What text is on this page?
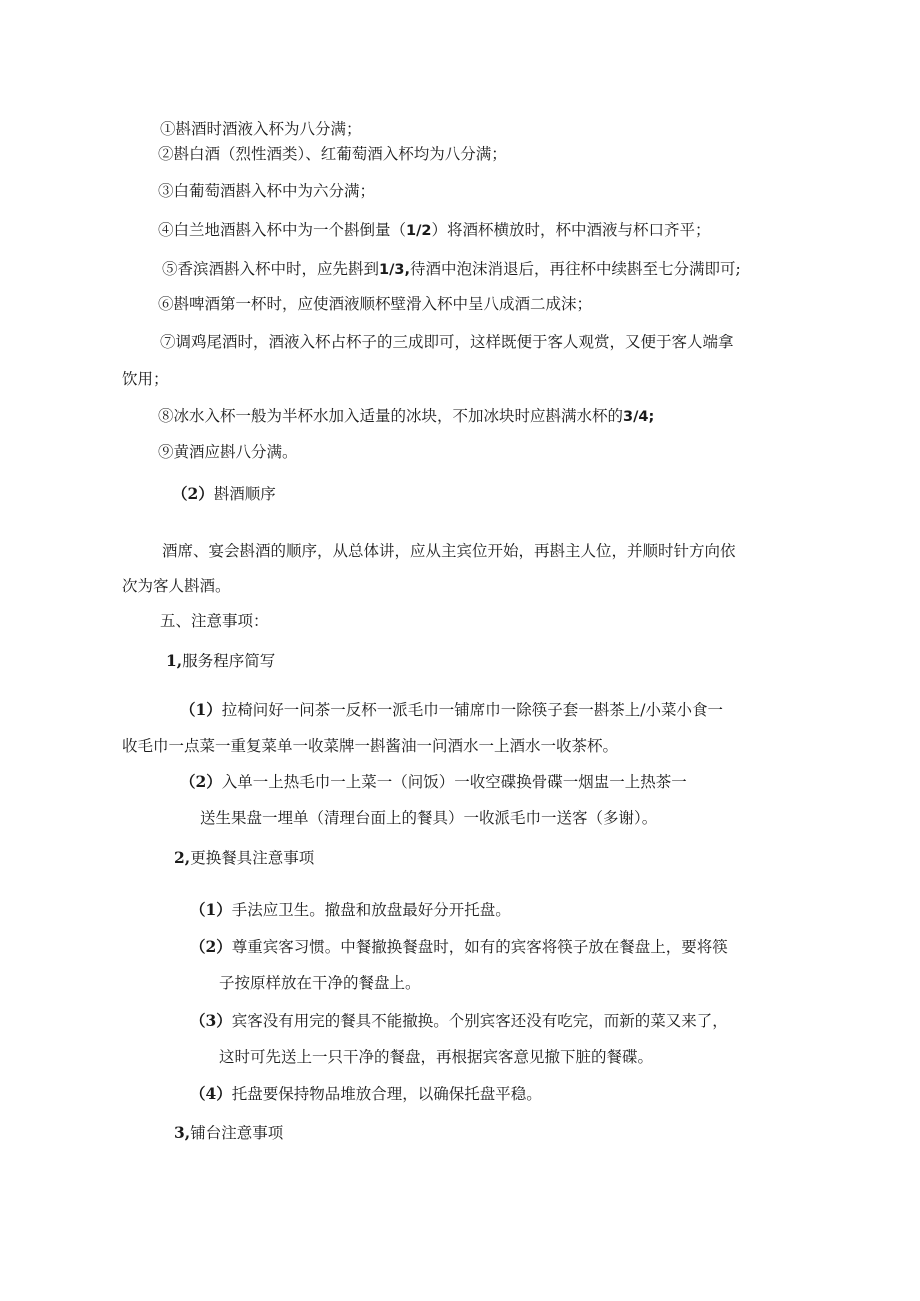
①斟酒时酒液入杯为八分满；
②斟白酒（烈性酒类）、红葡萄酒入杯均为八分满；
③白葡萄酒斟入杯中为六分满；
④白兰地酒斟入杯中为一个斟倒量（1/2）将酒杯横放时，杯中酒液与杯口齐平；
⑤香滨酒斟入杯中时，应先斟到1/3,待酒中泡沫消退后，再往杯中续斟至七分满即可;
⑥斟啤酒第一杯时，应使酒液顺杯壁滑入杯中呈八成酒二成沫；
⑦调鸡尾酒时，酒液入杯占杯子的三成即可，这样既便于客人观赏，又便于客人端拿
饮用；
⑧冰水入杯一般为半杯水加入适量的冰块，不加冰块时应斟满水杯的3/4;
⑨黄酒应斟八分满。
（2）斟酒顺序
酒席、宴会斟酒的顺序，从总体讲，应从主宾位开始，再斟主人位，并顺时针方向依
次为客人斟酒。
五、注意事项：
1,服务程序简写
（1）拉椅问好一问茶一反杯一派毛巾一铺席巾一除筷子套一斟茶上/小菜小食一
收毛巾一点菜一重复菜单一收菜牌一斟酱油一问酒水一上酒水一收茶杯。
（2）入单一上热毛巾一上菜一（问饭）一收空碟换骨碟一烟盅一上热茶一
送生果盘一埋单（清理台面上的餐具）一收派毛巾一送客（多谢）。
2,更换餐具注意事项
（1）手法应卫生。撤盘和放盘最好分开托盘。
（2）尊重宾客习惯。中餐撤换餐盘时，如有的宾客将筷子放在餐盘上，要将筷
子按原样放在干净的餐盘上。
（3）宾客没有用完的餐具不能撤换。个别宾客还没有吃完，而新的菜又来了，
这时可先送上一只干净的餐盘，再根据宾客意见撤下脏的餐碟。
（4）托盘要保持物品堆放合理，以确保托盘平稳。
3,铺台注意事项
